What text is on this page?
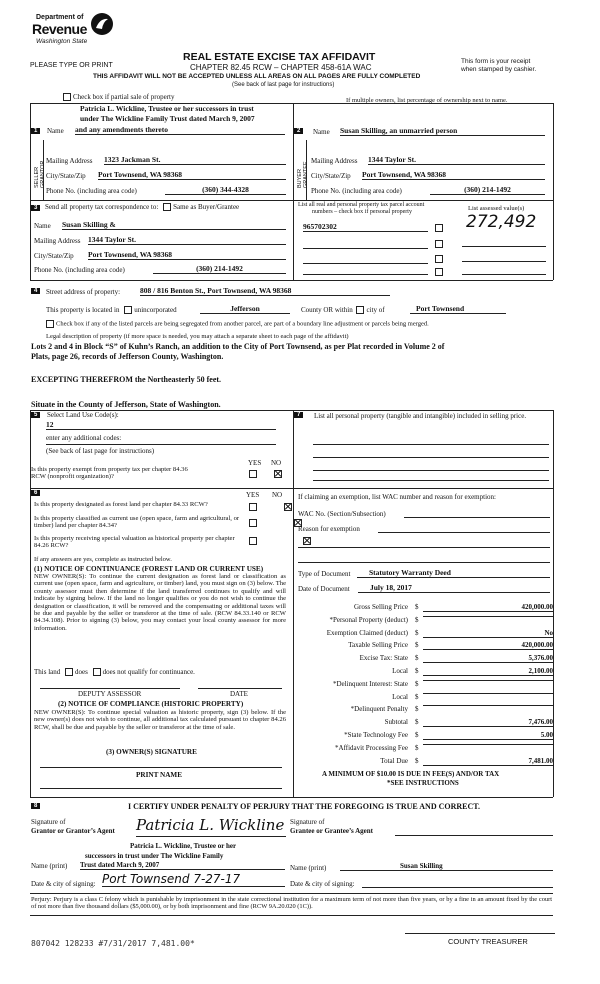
Department of
Revenue
Washington State
PLEASE TYPE OR PRINT
REAL ESTATE EXCISE TAX AFFIDAVIT
CHAPTER 82.45 RCW – CHAPTER 458-61A WAC
THIS AFFIDAVIT WILL NOT BE ACCEPTED UNLESS ALL AREAS ON ALL PAGES ARE FULLY COMPLETED
(See back of last page for instructions)
This form is your receipt
when stamped by cashier.
Check box if partial sale of property	If multiple owners, list percentage of ownership next to name.
Patricia L. Wickline, Trustee or her successors in trust
under The Wickline Family Trust dated March 9, 2007
1	Name and any amendments thereto
SELLER GRANTOR Mailing Address 1323 Jackman St.
City/State/Zip Port Townsend, WA 98368
Phone No. (including area code)	(360) 344-4328
2	Name Susan Skilling, an unmarried person
BUYER GRANTEE
Mailing Address 1344 Taylor St.
City/State/Zip Port Townsend, WA 98368
Phone No. (including area code)	(360) 214-1492
3	Send all property tax correspondence to: Same as Buyer/Grantee
Name Susan Skilling &
Mailing Address 1344 Taylor St.
City/State/Zip Port Townsend, WA 98368
Phone No. (including area code)	(360) 214-1492
List all real and personal property tax parcel account
numbers – check box if personal property	List assessed value(s)
965702302	272,492
4	Street address of property:	808 / 816 Benton St., Port Townsend, WA 98368
This property is located in unincorporated	Jefferson	County OR within city of	Port Townsend
Check box if any of the listed parcels are being segregated from another parcel, are part of a boundary line adjustment or parcels being merged.
Legal description of property (if more space is needed, you may attach a separate sheet to each page of the affidavit)
Lots 2 and 4 in Block “S” of Kuhn’s Ranch, an addition to the City of Port Townsend, as per Plat recorded in Volume 2 of
Plats, page 26, records of Jefferson County, Washington.
EXCEPTING THEREFROM the Northeasterly 50 feet.
Situate in the County of Jefferson, State of Washington.
5	Select Land Use Code(s):
12
enter any additional codes:
(See back of last page for instructions)
YES NO
Is this property exempt from property tax per chapter 84.36 RCW (nonprofit organization)?

6	YES NO
Is this property designated as forest land per chapter 84.33 RCW?

Is this property classified as current use (open space, farm and agricultural, or timber) land per chapter 84.34?

Is this property receiving special valuation as historical property per chapter 84.26 RCW?
If any answers are yes, complete as instructed below.
(1) NOTICE OF CONTINUANCE (FOREST LAND OR CURRENT USE)
NEW OWNER(S): To continue the current designation as forest land or classification as current use (open space, farm and agriculture, or timber) land, you must sign on (3) below. The county assessor must then determine if the land transferred continues to qualify and will indicate by signing below. If the land no longer qualifies or you do not wish to continue the designation or classification, it will be removed and the compensating or additional taxes will be due and payable by the seller or transferor at the time of sale. (RCW 84.33.140 or RCW 84.34.108). Prior to signing (3) below, you may contact your local county assessor for more information.
This land does does not qualify for continuance.
DEPUTY ASSESSOR	DATE
(2) NOTICE OF COMPLIANCE (HISTORIC PROPERTY)
NEW OWNER(S): To continue special valuation as historic property, sign (3) below. If the new owner(s) does not wish to continue, all additional tax calculated pursuant to chapter 84.26 RCW, shall be due and payable by the seller or transferor at the time of sale.
(3) OWNER(S) SIGNATURE
PRINT NAME
7	List all personal property (tangible and intangible) included in selling price.
If claiming an exemption, list WAC number and reason for exemption:
WAC No. (Section/Subsection)
Reason for exemption
Type of Document	Statutory Warranty Deed
Date of Document	July 18, 2017
Gross Selling Price $	420,000.00
*Personal Property (deduct) $
Exemption Claimed (deduct) $	No
Taxable Selling Price $	420,000.00
Excise Tax: State $	5,376.00
Local $	2,100.00
*Delinquent Interest: State $
Local $
*Delinquent Penalty $
Subtotal $	7,476.00
*State Technology Fee $	5.00
*Affidavit Processing Fee $
Total Due $	7,481.00
A MINIMUM OF $10.00 IS DUE IN FEE(S) AND/OR TAX
*SEE INSTRUCTIONS
8	I CERTIFY UNDER PENALTY OF PERJURY THAT THE FOREGOING IS TRUE AND CORRECT.
Signature of
Grantor or Grantor’s Agent Patricia L. Wickline Signature of
Grantee or Grantee’s Agent
Patricia L. Wickline, Trustee or her
successors in trust under The Wickline Family
Name (print) Trust dated March 9, 2007	Name (print)	Susan Skilling
Date & city of signing: Port Townsend 7-27-17	Date & city of signing:
Perjury: Perjury is a class C felony which is punishable by imprisonment in the state correctional institution for a maximum term of not more than five years, or by a fine in an amount fixed by the court of not more than five thousand dollars ($5,000.00), or by both imprisonment and fine (RCW 9A.20.020 (1C)).
807042 128233 #7/31/2017 7,481.00*	COUNTY TREASURER
